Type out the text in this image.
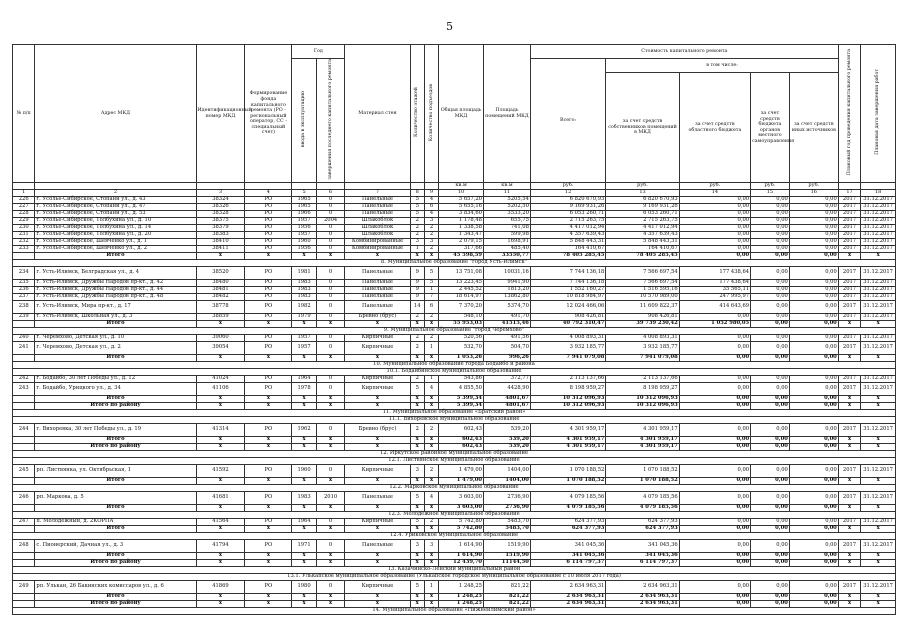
5
№ п/п	Адрес МКД	Идентификационный номер МКД	Формирование фонда капитального ремонта (РО - региональный оператор, СС - специальный счет)	Год		Материал стен	Количество этажей	Количество подъездов	Общая площадь МКД	Площадь помещений МКД	Стоимость капитального ремонта					Плановый год проведения капитального ремонта	Плановая дата завершения работ
				ввода в эксплуатацию	завершения последнего капитального ремонта						Всего:	в том числе:					
												за счет средств собственников помещений в МКД	за счет средств областного бюджета	за счет средств бюджета органов местного самоуправления	за счет средств иных источников		
									кв.м	кв.м	руб.	руб.	руб.	руб.	руб.		
1	2	3	4	5	6	7	8	9	10	11	12	13	14	15	16	17	18
226	г. Усолье-Сибирское, Стопани ул., д. 43	38324	РО	1965	0	Панельные	5	4	5 657,20	5205,54	6 820 670,93	6 820 670,93	0,00	0,00	0,00	2017	31.12.2017
227	г. Усолье-Сибирское, Стопани ул., д. 47	38326	РО	1965	0	Панельные	5	6	5 655,16	5202,50	9 169 931,26	9 169 931,26	0,00	0,00	0,00	2017	31.12.2017
228	г. Усолье-Сибирское, Стопани ул., д. 53	38328	РО	1966	0	Панельные	5	4	3 834,60	3533,20	6 053 260,71	6 053 260,71	0,00	0,00	0,00	2017	31.12.2017
229	г. Усолье-Сибирское, Толбухина ул., д. 10	38375	РО	1957	2004	Шлакоблок	2	3	1 178,48	655,75	2 715 263,75	2 715 263,75	0,00	0,00	0,00	2017	31.12.2017
230	г. Усолье-Сибирское, Толбухина ул., д. 14	38379	РО	1956	0	Шлакоблок	2	2	1 338,58	741,08	4 417 012,94	4 417 012,94	0,00	0,00	0,00	2017	31.12.2017
231	г. Усолье-Сибирское, Толбухина ул., д. 20	38383	РО	1957	0	Шлакоблок	2	2	1 343,47	599,98	4 357 639,43	4 357 639,43	0,00	0,00	0,00	2017	31.12.2017
232	г. Усолье-Сибирское, Шевченко ул., д. 1	38410	РО	1960	0	Комбинированные	3	3	2 079,15	1698,91	5 848 443,31	5 848 443,31	0,00	0,00	0,00	2017	31.12.2017
233	г. Усолье-Сибирское, Шевченко ул., д. 2	38411	РО	1956	0	Комбинированные	1	2	317,66	485,40	164 410,67	164 410,67	0,00	0,00	0,00	2017	31.12.2017
	Итого	х	х	х	х	х	х	х	45 598,59	33550,77	78 405 285,45	78 405 285,45	0,00	0,00	0,00	х	х
8. Муниципальное образование "город Усть-Илимск"																	
234	г. Усть-Илимск, Белградская ул., д. 4	38520	РО	1981	0	Панельные	9	5	13 751,08	10031,16	7 744 136,18	7 566 697,54	177 438,64	0,00	0,00	2017	31.12.2017
235	г. Усть-Илимск, Дружбы Народов пр-кт., д. 42	38480	РО	1983	0	Панельные	9	5	13 223,45	9941,90	7 744 136,18	7 566 697,54	177 438,64	0,00	0,00	2017	31.12.2017
236	г. Усть-Илимск, Дружбы Народов пр-кт., д. 44	38481	РО	1983	0	Панельные	9	1	2 445,52	1813,20	1 552 160,27	1 516 595,16	35 565,11	0,00	0,00	2017	31.12.2017
237	г. Усть-Илимск, Дружбы Народов пр-кт., д. 48	38482	РО	1983	0	Панельные	9	7	18 614,97	13862,80	10 818 984,97	10 570 989,00	247 995,97	0,00	0,00	2017	31.12.2017
238	г. Усть-Илимск, Мира пр-кт., д. 17	38778	РО	1982	0	Панельные	14	6	7 370,20	5374,70	12 024 466,06	11 609 822,37	414 643,69	0,00	0,00	2017	31.12.2017
239	г. Усть-Илимск, Школьная ул., д. 3	38859	РО	1979	0	Бревно (брус)	2	2	548,10	491,70	908 426,81	908 426,81	0,00	0,00	0,00	2017	31.12.2017
	Итого	х	х	х	х	х	х	х	55 953,03	41515,46	40 792 310,47	39 739 230,42	1 052 980,05	0,00	0,00	х	х
9. Муниципальное образование "город Черемхово"																	
240	г. Черемхово, Детская ул., д. 10	39060	РО	1957	0	Кирпичные	2	2	520,56	491,56	4 008 893,31	4 008 893,31	0,00	0,00	0,00	2017	31.12.2017
241	г. Черемхово, Детская ул., д. 2	39054	РО	1957	0	Кирпичные	2	1	532,70	504,70	3 932 185,77	3 932 185,77	0,00	0,00	0,00	2017	31.12.2017
	Итого	х	х	х	х	х	х	х	1 053,26	996,26	7 941 079,08	7 941 079,08	0,00	0,00	0,00	х	х
10. Муниципальное образование города Бодайбо и района																	
10.1. Бодайбинское муниципальное образование																	
242	г. Бодайбо, 30 лет Победы ул., д. 12	41024	РО	1964	0	Кирпичные	2	1	543,86	372,77	2 113 137,66	2 113 137,66	0,00	0,00	0,00	2017	31.12.2017
243	г. Бодайбо, Урицкого ул., д. 34	41106	РО	1978	0	Кирпичные	5	4	4 855,50	4428,90	8 198 959,27	8 198 959,27	0,00	0,00	0,00	2017	31.12.2017
	Итого	х	х	х	х	х	х	х	5 399,34	4801,67	10 312 096,93	10 312 096,93	0,00	0,00	0,00	х	х
	Итого по району	х	х	х	х	х	х	х	5 399,34	4801,67	10 312 096,93	10 312 096,93	0,00	0,00	0,00	х	х
11. Муниципальное образование «Братский район»																	
11.1. Вихоревское муниципальное образование																	
244	г. Вихоревка, 30 лет Победы ул., д. 19	41314	РО	1962	0	Бревно (брус)	2	2	602,43	539,20	4 301 959,17	4 301 959,17	0,00	0,00	0,00	2017	31.12.2017
	Итого	х	х	х	х	х	х	х	602,43	539,20	4 301 959,17	4 301 959,17	0,00	0,00	0,00	х	х
	Итого по району	х	х	х	х	х	х	х	602,43	539,20	4 301 959,17	4 301 959,17	0,00	0,00	0,00	х	х
12. Иркутское районное муниципальное образование																	
12.1. Листвянское муниципальное образование																	
245	рп. Листвянка, ул. Октябрьская, 1	41592	РО	1960	0	Кирпичные	3	2	1 479,00	1404,00	1 070 188,52	1 070 188,52	0,00	0,00	0,00	2017	31.12.2017
	Итого	х	х	х	х	х	х	х	1 479,00	1404,00	1 070 188,52	1 070 188,52	0,00	0,00	0,00	х	х
12.2. Марковское муниципальное образование																	
246	рп. Маркова, д. 5	41681	РО	1983	2010	Панельные	5	4	3 603,00	2736,90	4 079 185,56	4 079 185,56	0,00	0,00	0,00	2017	31.12.2017
	Итого	х	х	х	х	х	х	х	3 603,00	2736,90	4 079 185,56	4 079 185,56	0,00	0,00	0,00	х	х
12.3. Молодежное муниципальное образование																	
247	п. Молодежный, д. 2КОРПА	41564	РО	1964	0	Кирпичные	5	2	5 742,80	5483,70	624 377,93	624 377,93	0,00	0,00	0,00	2017	31.12.2017
	Итого	х	х	х	х	х	х	х	5 742,80	5483,70	624 377,93	624 377,93	0,00	0,00	0,00	х	х
12.4. Уриковское муниципальное образование																	
248	с. Пионерский, Дачная ул., д. 3	41794	РО	1971	0	Панельные	3	3	1 614,90	1519,90	341 045,36	341 045,36	0,00	0,00	0,00	2017	31.12.2017
	Итого	х	х	х	х	х	х	х	1 614,90	1519,90	341 045,36	341 045,36	0,00	0,00	0,00	х	х
	Итого по району	х	х	х	х	х	х	х	12 439,70	11144,50	6 114 797,37	6 114 797,37	0,00	0,00	0,00	х	х
13. Казачинско-Ленский муниципальный район																	
13.1. Улькапское муниципальное образование (Улькапское городское муниципальное образование с 10 июля 2017 года)																	
249	рп. Улькан, 26 Бакинских комиссаров ул., д. 6	41869	РО	1980	0	Кирпичные	5	1	1 248,25	821,22	2 634 963,31	2 634 963,31	0,00	0,00	0,00	2017	31.12.2017
	Итого	х	х	х	х	х	х	х	1 248,25	821,22	2 634 963,31	2 634 963,31	0,00	0,00	0,00	х	х
	Итого по району	х	х	х	х	х	х	х	1 248,25	821,22	2 634 963,31	2 634 963,31	0,00	0,00	0,00	х	х
14. Муниципальное образование «Нижнеилимский район»																	
